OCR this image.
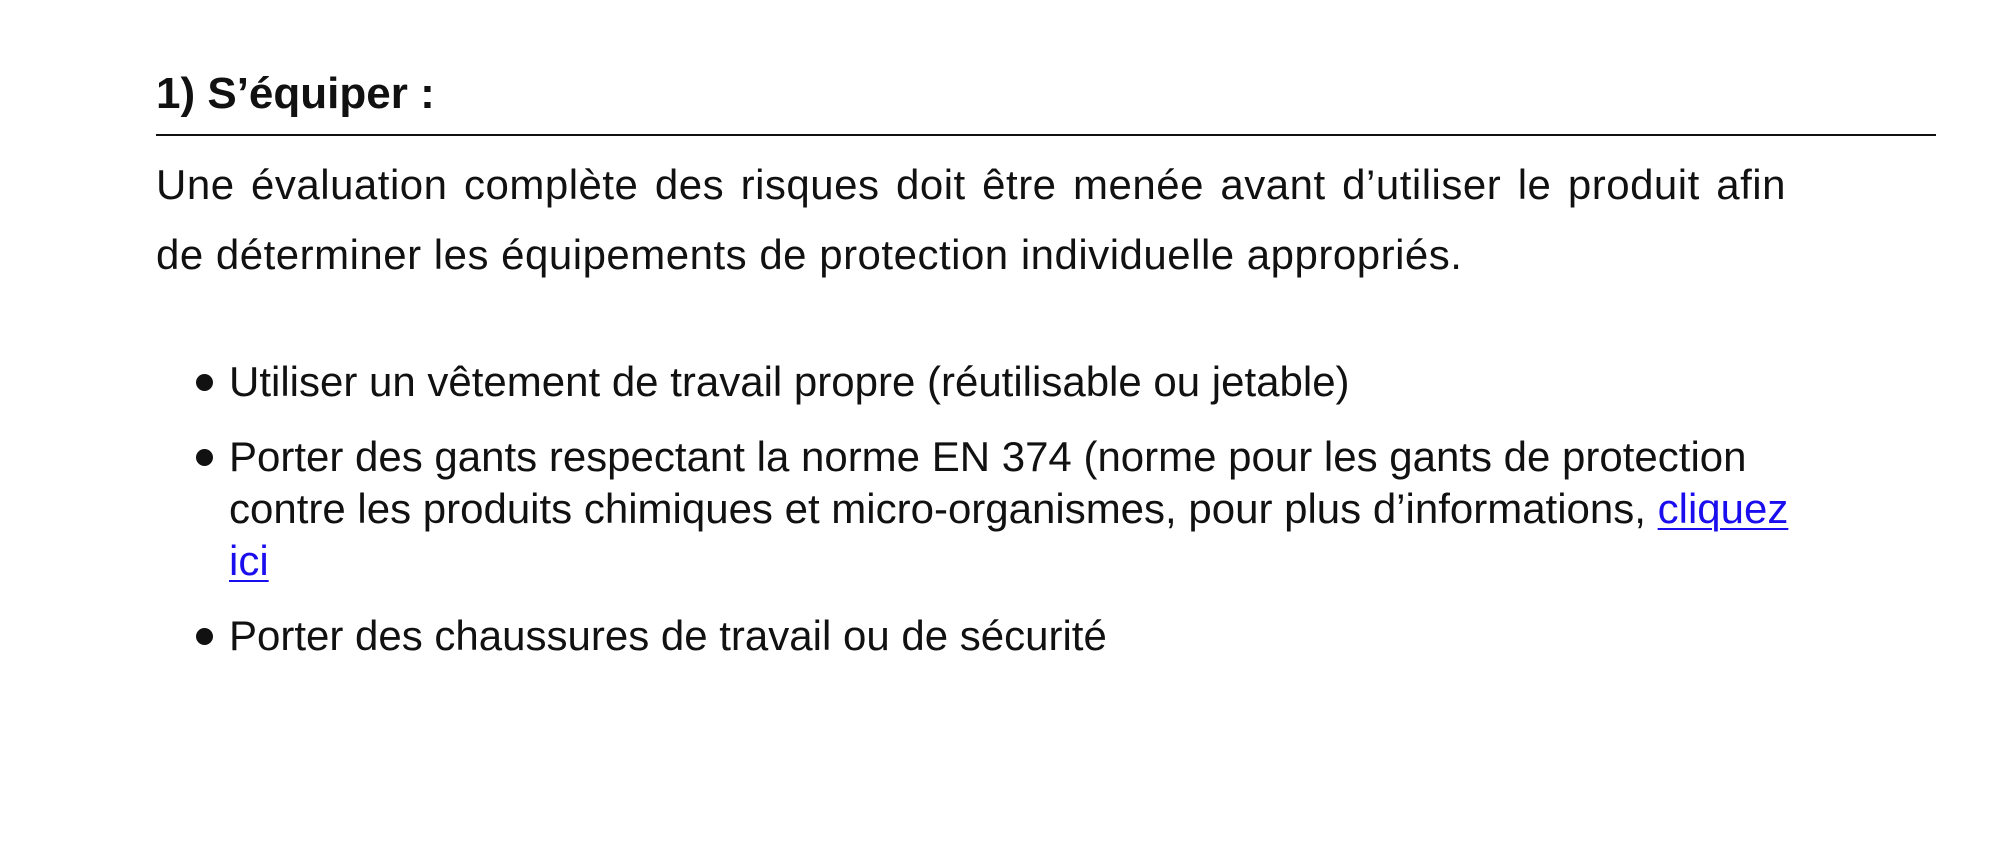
1) S’équiper :

Une évaluation complète des risques doit être menée avant d’utiliser le produit afin de déterminer les équipements de protection individuelle appropriés.

Utiliser un vêtement de travail propre (réutilisable ou jetable)
Porter des gants respectant la norme EN 374 (norme pour les gants de protection contre les produits chimiques et micro-organismes, pour plus d’informations, cliquez ici
Porter des chaussures de travail ou de sécurité
